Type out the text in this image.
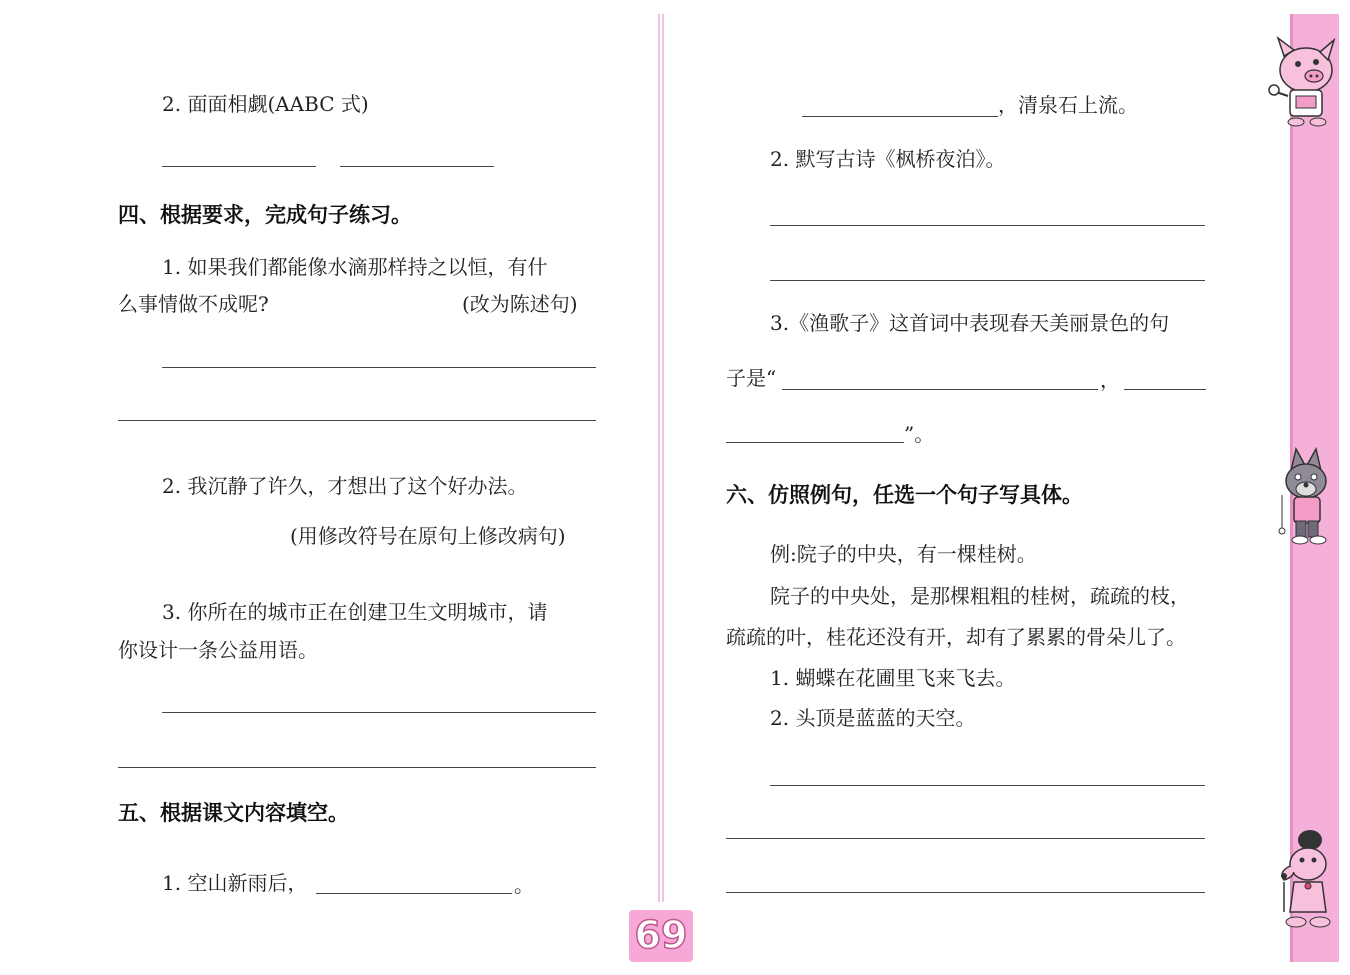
2. 面面相觑(AABC 式)
四、根据要求，完成句子练习。
1. 如果我们都能像水滴那样持之以恒，有什
么事情做不成呢?	(改为陈述句)
2. 我沉静了许久，才想出了这个好办法。
(用修改符号在原句上修改病句)
3. 你所在的城市正在创建卫生文明城市，请
你设计一条公益用语。
五、根据课文内容填空。
1. 空山新雨后，	。
，清泉石上流。
2. 默写古诗《枫桥夜泊》。
3.《渔歌子》这首词中表现春天美丽景色的句
子是“	，
”。
六、仿照例句，任选一个句子写具体。
例:院子的中央，有一棵桂树。
院子的中央处，是那棵粗粗的桂树，疏疏的枝，
疏疏的叶，桂花还没有开，却有了累累的骨朵儿了。
1. 蝴蝶在花圃里飞来飞去。
2. 头顶是蓝蓝的天空。
69
